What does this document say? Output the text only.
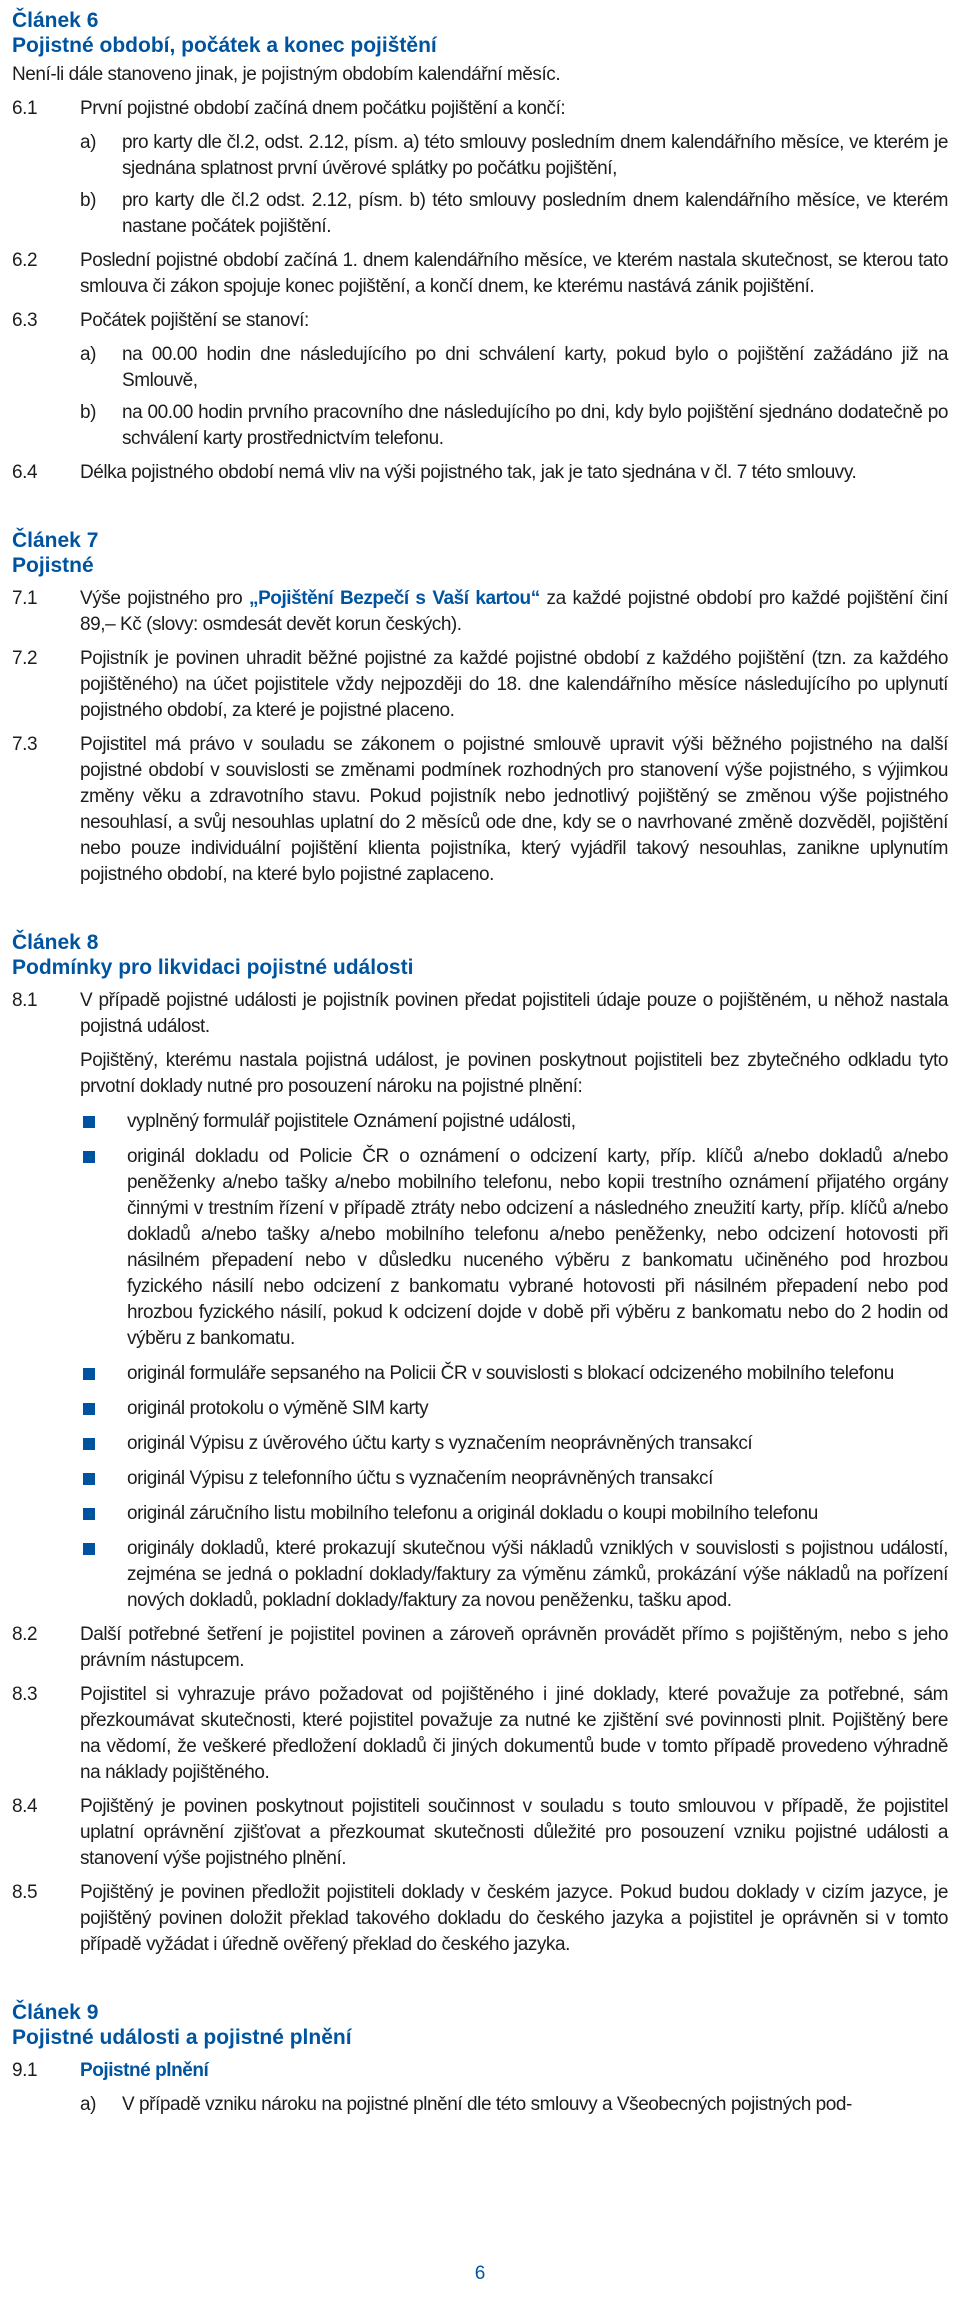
Článek 6
Pojistné období, počátek a konec pojištění

Není-li dále stanoveno jinak, je pojistným obdobím kalendářní měsíc.

6.1 První pojistné období začíná dnem počátku pojištění a končí:
a) pro karty dle čl.2, odst. 2.12, písm. a) této smlouvy posledním dnem kalendářního měsíce, ve kterém je sjednána splatnost první úvěrové splátky po počátku pojištění,
b) pro karty dle čl.2 odst. 2.12, písm. b) této smlouvy posledním dnem kalendářního měsíce, ve kterém nastane počátek pojištění.
6.2 Poslední pojistné období začíná 1. dnem kalendářního měsíce, ve kterém nastala skutečnost, se kterou tato smlouva či zákon spojuje konec pojištění, a končí dnem, ke kterému nastává zánik pojištění.
6.3 Počátek pojištění se stanoví:
a) na 00.00 hodin dne následujícího po dni schválení karty, pokud bylo o pojištění zažádáno již na Smlouvě,
b) na 00.00 hodin prvního pracovního dne následujícího po dni, kdy bylo pojištění sjednáno dodatečně po schválení karty prostřednictvím telefonu.
6.4 Délka pojistného období nemá vliv na výši pojistného tak, jak je tato sjednána v čl. 7 této smlouvy.
Článek 7
Pojistné
7.1 Výše pojistného pro „Pojištění Bezpečí s Vaší kartou“ za každé pojistné období pro každé pojištění činí 89,– Kč (slovy: osmdesát devět korun českých).
7.2 Pojistník je povinen uhradit běžné pojistné za každé pojistné období z každého pojištění (tzn. za každého pojištěného) na účet pojistitele vždy nejpozději do 18. dne kalendářního měsíce následujícího po uplynutí pojistného období, za které je pojistné placeno.
7.3 Pojistitel má právo v souladu se zákonem o pojistné smlouvě upravit výši běžného pojistného na další pojistné období v souvislosti se změnami podmínek rozhodných pro stanovení výše pojistného, s výjimkou změny věku a zdravotního stavu. Pokud pojistník nebo jednotlivý pojištěný se změnou výše pojistného nesouhlasí, a svůj nesouhlas uplatní do 2 měsíců ode dne, kdy se o navrhované změně dozvěděl, pojištění nebo pouze individuální pojištění klienta pojistníka, který vyjádřil takový nesouhlas, zanikne uplynutím pojistného období, na které bylo pojistné zaplaceno.
Článek 8
Podmínky pro likvidaci pojistné události
8.1 V případě pojistné události je pojistník povinen předat pojistiteli údaje pouze o pojištěném, u něhož nastala pojistná událost.

Pojištěný, kterému nastala pojistná událost, je povinen poskytnout pojistiteli bez zbytečného odkladu tyto prvotní doklady nutné pro posouzení nároku na pojistné plnění:

vyplněný formulář pojistitele Oznámení pojistné události,
originál dokladu od Policie ČR o oznámení o odcizení karty, příp. klíčů a/nebo dokladů a/nebo peněženky a/nebo tašky a/nebo mobilního telefonu, nebo kopii trestního oznámení přijatého orgány činnými v trestním řízení v případě ztráty nebo odcizení a následného zneužití karty, příp. klíčů a/nebo dokladů a/nebo tašky a/nebo mobilního telefonu a/nebo peněženky, nebo odcizení hotovosti při násilném přepadení nebo v důsledku nuceného výběru z bankomatu učiněného pod hrozbou fyzického násilí nebo odcizení z bankomatu vybrané hotovosti při násilném přepadení nebo pod hrozbou fyzického násilí, pokud k odcizení dojde v době při výběru z bankomatu nebo do 2 hodin od výběru z bankomatu.
originál formuláře sepsaného na Policii ČR v souvislosti s blokací odcizeného mobilního telefonu
originál protokolu o výměně SIM karty
originál Výpisu z úvěrového účtu karty s vyznačením neoprávněných transakcí
originál Výpisu z telefonního účtu s vyznačením neoprávněných transakcí
originál záručního listu mobilního telefonu a originál dokladu o koupi mobilního telefonu
originály dokladů, které prokazují skutečnou výši nákladů vzniklých v souvislosti s pojistnou událostí, zejména se jedná o pokladní doklady/faktury za výměnu zámků, prokázání výše nákladů na pořízení nových dokladů, pokladní doklady/faktury za novou peněženku, tašku apod.
8.2 Další potřebné šetření je pojistitel povinen a zároveň oprávněn provádět přímo s pojištěným, nebo s jeho právním nástupcem.
8.3 Pojistitel si vyhrazuje právo požadovat od pojištěného i jiné doklady, které považuje za potřebné, sám přezkoumávat skutečnosti, které pojistitel považuje za nutné ke zjištění své povinnosti plnit. Pojištěný bere na vědomí, že veškeré předložení dokladů či jiných dokumentů bude v tomto případě provedeno výhradně na náklady pojištěného.
8.4 Pojištěný je povinen poskytnout pojistiteli součinnost v souladu s touto smlouvou v případě, že pojistitel uplatní oprávnění zjišťovat a přezkoumat skutečnosti důležité pro posouzení vzniku pojistné události a stanovení výše pojistného plnění.
8.5 Pojištěný je povinen předložit pojistiteli doklady v českém jazyce. Pokud budou doklady v cizím jazyce, je pojištěný povinen doložit překlad takového dokladu do českého jazyka a pojistitel je oprávněn si v tomto případě vyžádat i úředně ověřený překlad do českého jazyka.
Článek 9
Pojistné události a pojistné plnění
9.1 Pojistné plnění
a) V případě vzniku nároku na pojistné plnění dle této smlouvy a Všeobecných pojistných pod-
6
